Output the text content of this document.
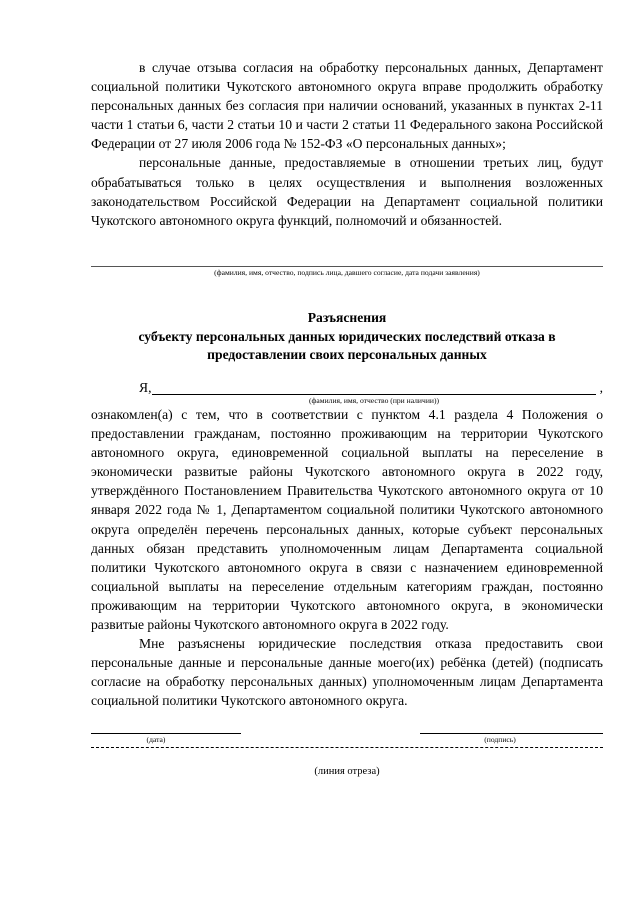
в случае отзыва согласия на обработку персональных данных, Департамент социальной политики Чукотского автономного округа вправе продолжить обработку персональных данных без согласия при наличии оснований, указанных в пунктах 2-11 части 1 статьи 6, части 2 статьи 10 и части 2 статьи 11 Федерального закона Российской Федерации от 27 июля 2006 года № 152-ФЗ «О персональных данных»;

персональные данные, предоставляемые в отношении третьих лиц, будут обрабатываться только в целях осуществления и выполнения возложенных законодательством Российской Федерации на Департамент социальной политики Чукотского автономного округа функций, полномочий и обязанностей.

(фамилия, имя, отчество, подпись лица, давшего согласие, дата подачи заявления)
Разъяснения
субъекту персональных данных юридических последствий отказа в
предоставлении своих персональных данных
Я,	,
(фамилия, имя, отчество (при наличии))

ознакомлен(а) с тем, что в соответствии с пунктом 4.1 раздела 4 Положения о предоставлении гражданам, постоянно проживающим на территории Чукотского автономного округа, единовременной социальной выплаты на переселение в экономически развитые районы Чукотского автономного округа в 2022 году, утверждённого Постановлением Правительства Чукотского автономного округа от 10 января 2022 года № 1, Департаментом социальной политики Чукотского автономного округа определён перечень персональных данных, которые субъект персональных данных обязан представить уполномоченным лицам Департамента социальной политики Чукотского автономного округа в связи с назначением единовременной социальной выплаты на переселение отдельным категориям граждан, постоянно проживающим на территории Чукотского автономного округа, в экономически развитые районы Чукотского автономного округа в 2022 году.

Мне разъяснены юридические последствия отказа предоставить свои персональные данные и персональные данные моего(их) ребёнка (детей) (подписать согласие на обработку персональных данных) уполномоченным лицам Департамента социальной политики Чукотского автономного округа.

(дата)	(подпись)
(линия отреза)
